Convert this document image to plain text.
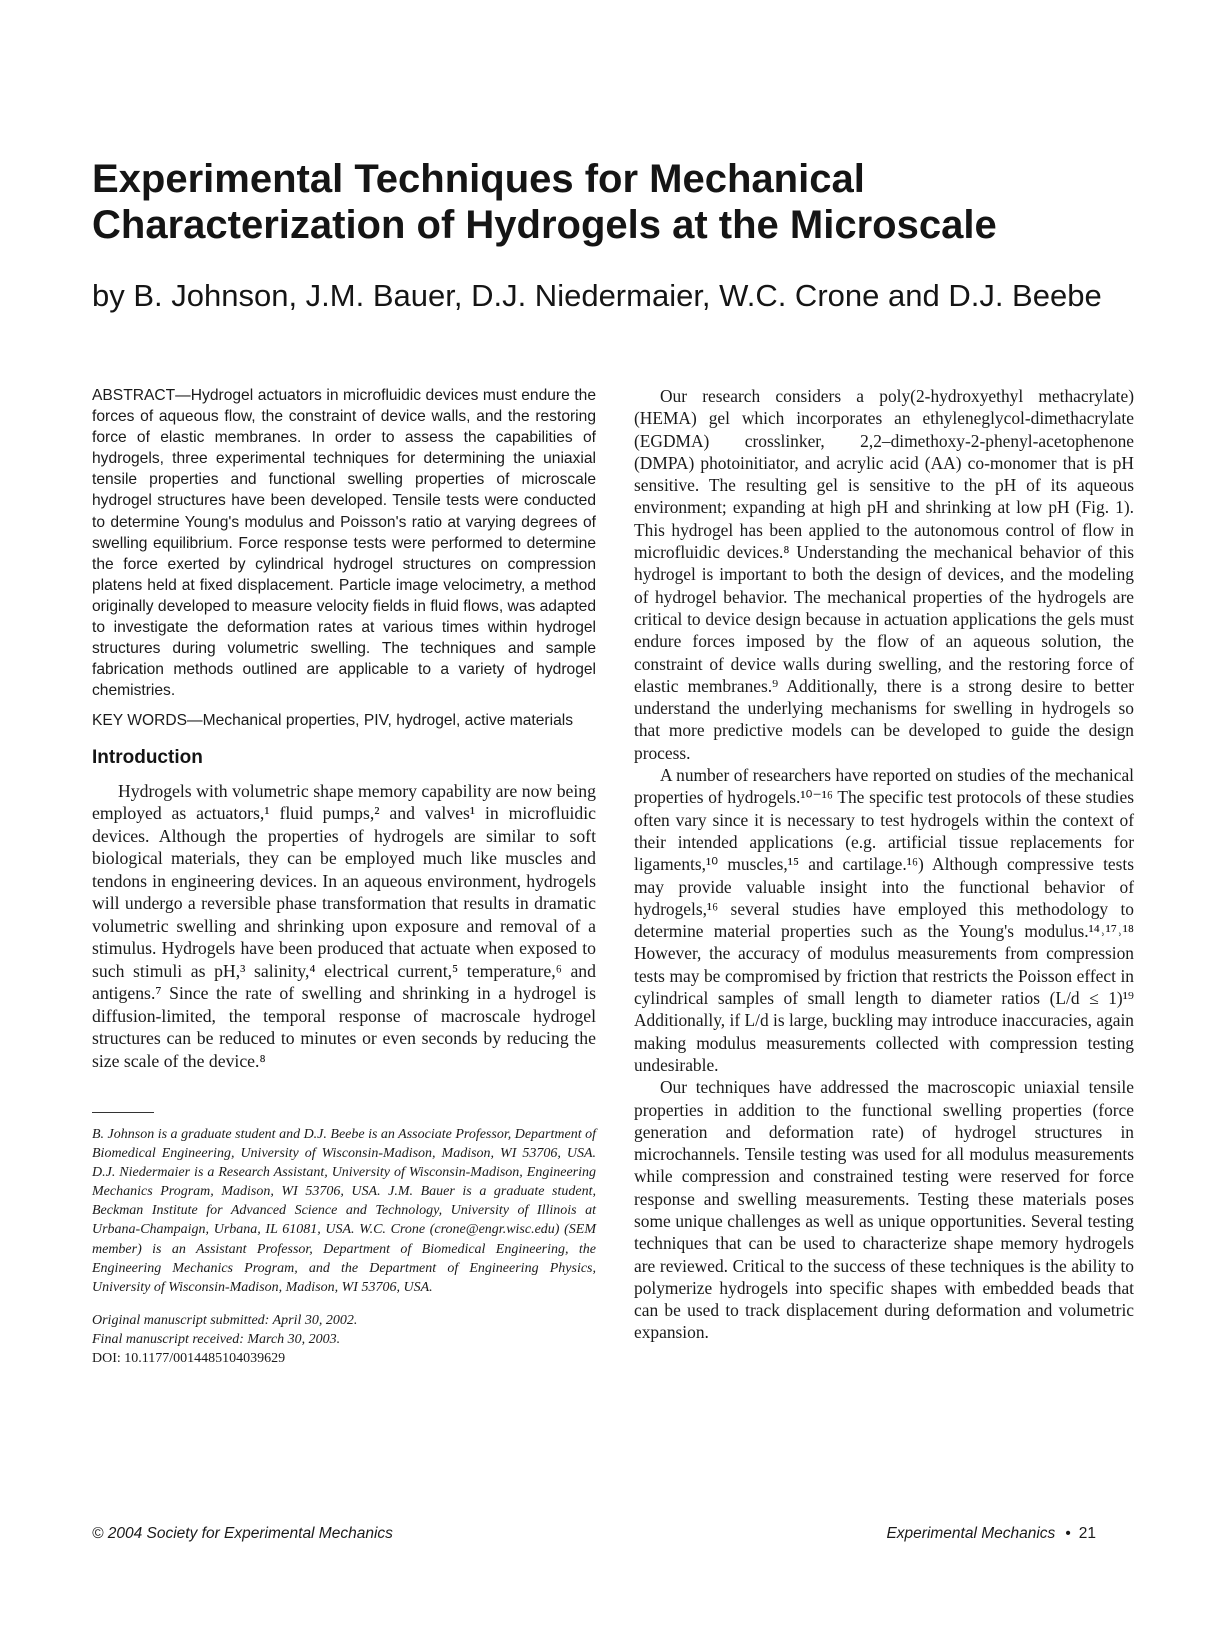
Experimental Techniques for Mechanical
Characterization of Hydrogels at the Microscale

by B. Johnson, J.M. Bauer, D.J. Niedermaier, W.C. Crone and D.J. Beebe

ABSTRACT—Hydrogel actuators in microfluidic devices must endure the forces of aqueous flow, the constraint of device walls, and the restoring force of elastic membranes. In order to assess the capabilities of hydrogels, three experimental techniques for determining the uniaxial tensile properties and functional swelling properties of microscale hydrogel structures have been developed. Tensile tests were conducted to determine Young's modulus and Poisson's ratio at varying degrees of swelling equilibrium. Force response tests were performed to determine the force exerted by cylindrical hydrogel structures on compression platens held at fixed displacement. Particle image velocimetry, a method originally developed to measure velocity fields in fluid flows, was adapted to investigate the deformation rates at various times within hydrogel structures during volumetric swelling. The techniques and sample fabrication methods outlined are applicable to a variety of hydrogel chemistries.

KEY WORDS—Mechanical properties, PIV, hydrogel, active materials

Introduction

Hydrogels with volumetric shape memory capability are now being employed as actuators,¹ fluid pumps,² and valves¹ in microfluidic devices. Although the properties of hydrogels are similar to soft biological materials, they can be employed much like muscles and tendons in engineering devices. In an aqueous environment, hydrogels will undergo a reversible phase transformation that results in dramatic volumetric swelling and shrinking upon exposure and removal of a stimulus. Hydrogels have been produced that actuate when exposed to such stimuli as pH,³ salinity,⁴ electrical current,⁵ temperature,⁶ and antigens.⁷ Since the rate of swelling and shrinking in a hydrogel is diffusion-limited, the temporal response of macroscale hydrogel structures can be reduced to minutes or even seconds by reducing the size scale of the device.⁸

B. Johnson is a graduate student and D.J. Beebe is an Associate Professor, Department of Biomedical Engineering, University of Wisconsin-Madison, Madison, WI 53706, USA. D.J. Niedermaier is a Research Assistant, University of Wisconsin-Madison, Engineering Mechanics Program, Madison, WI 53706, USA. J.M. Bauer is a graduate student, Beckman Institute for Advanced Science and Technology, University of Illinois at Urbana-Champaign, Urbana, IL 61081, USA. W.C. Crone (crone@engr.wisc.edu) (SEM member) is an Assistant Professor, Department of Biomedical Engineering, the Engineering Mechanics Program, and the Department of Engineering Physics, University of Wisconsin-Madison, Madison, WI 53706, USA.

Original manuscript submitted: April 30, 2002.
Final manuscript received: March 30, 2003.
DOI: 10.1177/0014485104039629

Our research considers a poly(2-hydroxyethyl methacrylate) (HEMA) gel which incorporates an ethyleneglycol-dimethacrylate (EGDMA) crosslinker, 2,2–dimethoxy-2-phenyl-acetophenone (DMPA) photoinitiator, and acrylic acid (AA) co-monomer that is pH sensitive. The resulting gel is sensitive to the pH of its aqueous environment; expanding at high pH and shrinking at low pH (Fig. 1). This hydrogel has been applied to the autonomous control of flow in microfluidic devices.⁸ Understanding the mechanical behavior of this hydrogel is important to both the design of devices, and the modeling of hydrogel behavior. The mechanical properties of the hydrogels are critical to device design because in actuation applications the gels must endure forces imposed by the flow of an aqueous solution, the constraint of device walls during swelling, and the restoring force of elastic membranes.⁹ Additionally, there is a strong desire to better understand the underlying mechanisms for swelling in hydrogels so that more predictive models can be developed to guide the design process.

A number of researchers have reported on studies of the mechanical properties of hydrogels.¹⁰⁻¹⁶ The specific test protocols of these studies often vary since it is necessary to test hydrogels within the context of their intended applications (e.g. artificial tissue replacements for ligaments,¹⁰ muscles,¹⁵ and cartilage.¹⁶) Although compressive tests may provide valuable insight into the functional behavior of hydrogels,¹⁶ several studies have employed this methodology to determine material properties such as the Young's modulus.¹⁴˒¹⁷˒¹⁸ However, the accuracy of modulus measurements from compression tests may be compromised by friction that restricts the Poisson effect in cylindrical samples of small length to diameter ratios (L/d ≤ 1)¹⁹ Additionally, if L/d is large, buckling may introduce inaccuracies, again making modulus measurements collected with compression testing undesirable.

Our techniques have addressed the macroscopic uniaxial tensile properties in addition to the functional swelling properties (force generation and deformation rate) of hydrogel structures in microchannels. Tensile testing was used for all modulus measurements while compression and constrained testing were reserved for force response and swelling measurements. Testing these materials poses some unique challenges as well as unique opportunities. Several testing techniques that can be used to characterize shape memory hydrogels are reviewed. Critical to the success of these techniques is the ability to polymerize hydrogels into specific shapes with embedded beads that can be used to track displacement during deformation and volumetric expansion.

© 2004 Society for Experimental Mechanics	Experimental Mechanics • 21
